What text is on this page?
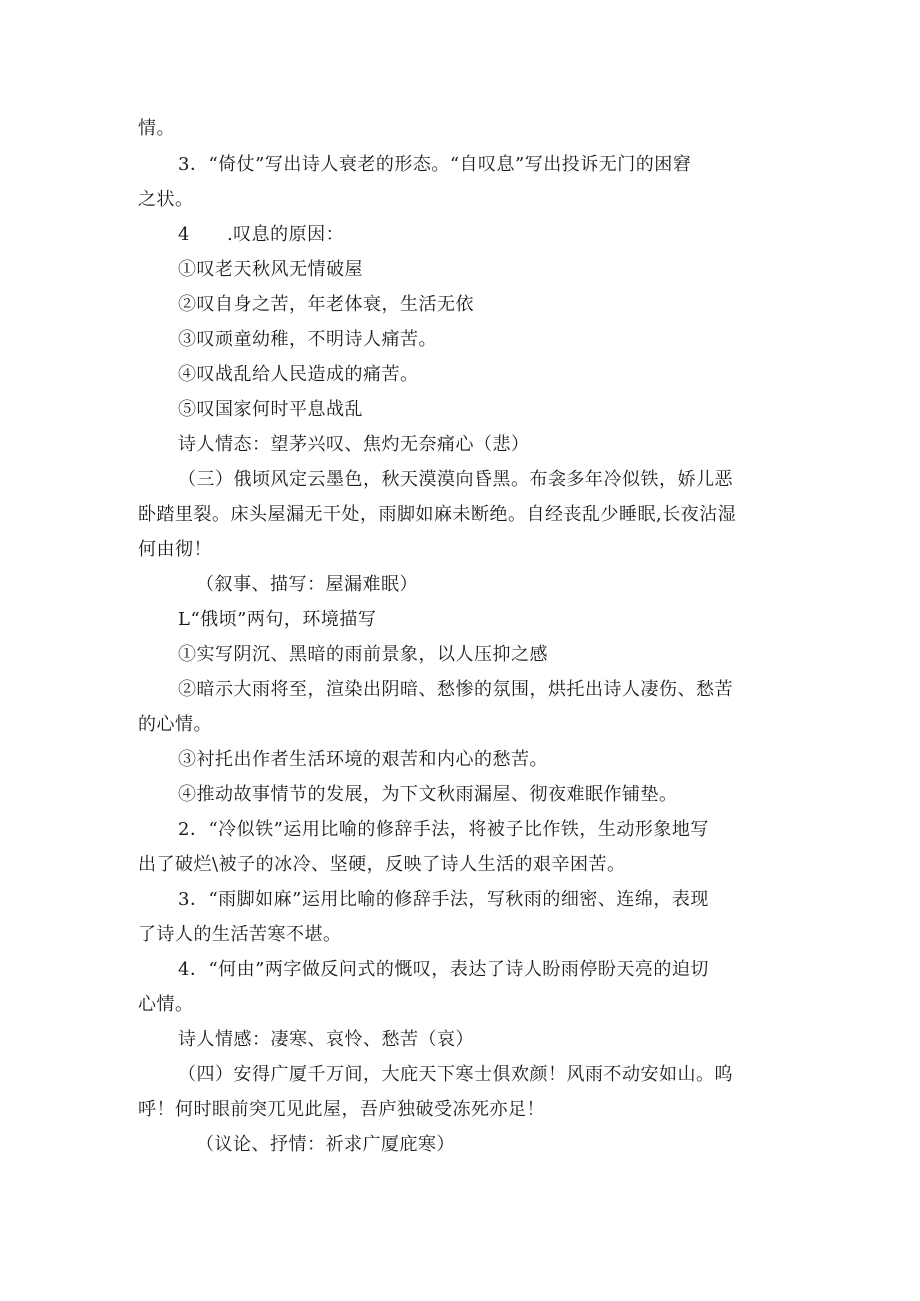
情。
3．“倚仗”写出诗人衰老的形态。“自叹息”写出投诉无门的困窘
之状。
4　　.叹息的原因：
①叹老天秋风无情破屋
②叹自身之苦，年老体衰，生活无依
③叹顽童幼稚，不明诗人痛苦。
④叹战乱给人民造成的痛苦。
⑤叹国家何时平息战乱
诗人情态：望茅兴叹、焦灼无奈痛心（悲）
（三）俄顷风定云墨色，秋天漠漠向昏黑。布衾多年冷似铁，娇儿恶
卧踏里裂。床头屋漏无干处，雨脚如麻未断绝。自经丧乱少睡眠,长夜沾湿
何由彻！
（叙事、描写：屋漏难眠）
L“俄顷”两句，环境描写
①实写阴沉、黑暗的雨前景象，以人压抑之感
②暗示大雨将至，渲染出阴暗、愁惨的氛围，烘托出诗人凄伤、愁苦
的心情。
③衬托出作者生活环境的艰苦和内心的愁苦。
④推动故事情节的发展，为下文秋雨漏屋、彻夜难眠作铺垫。
2．“冷似铁”运用比喻的修辞手法，将被子比作铁，生动形象地写
出了破烂\被子的冰冷、坚硬，反映了诗人生活的艰辛困苦。
3．“雨脚如麻”运用比喻的修辞手法，写秋雨的细密、连绵，表现
了诗人的生活苦寒不堪。
4．“何由”两字做反问式的慨叹，表达了诗人盼雨停盼天亮的迫切
心情。
诗人情感：凄寒、哀怜、愁苦（哀）
（四）安得广厦千万间，大庇天下寒士俱欢颜！风雨不动安如山。呜
呼！何时眼前突兀见此屋，吾庐独破受冻死亦足！
（议论、抒情：祈求广厦庇寒）
